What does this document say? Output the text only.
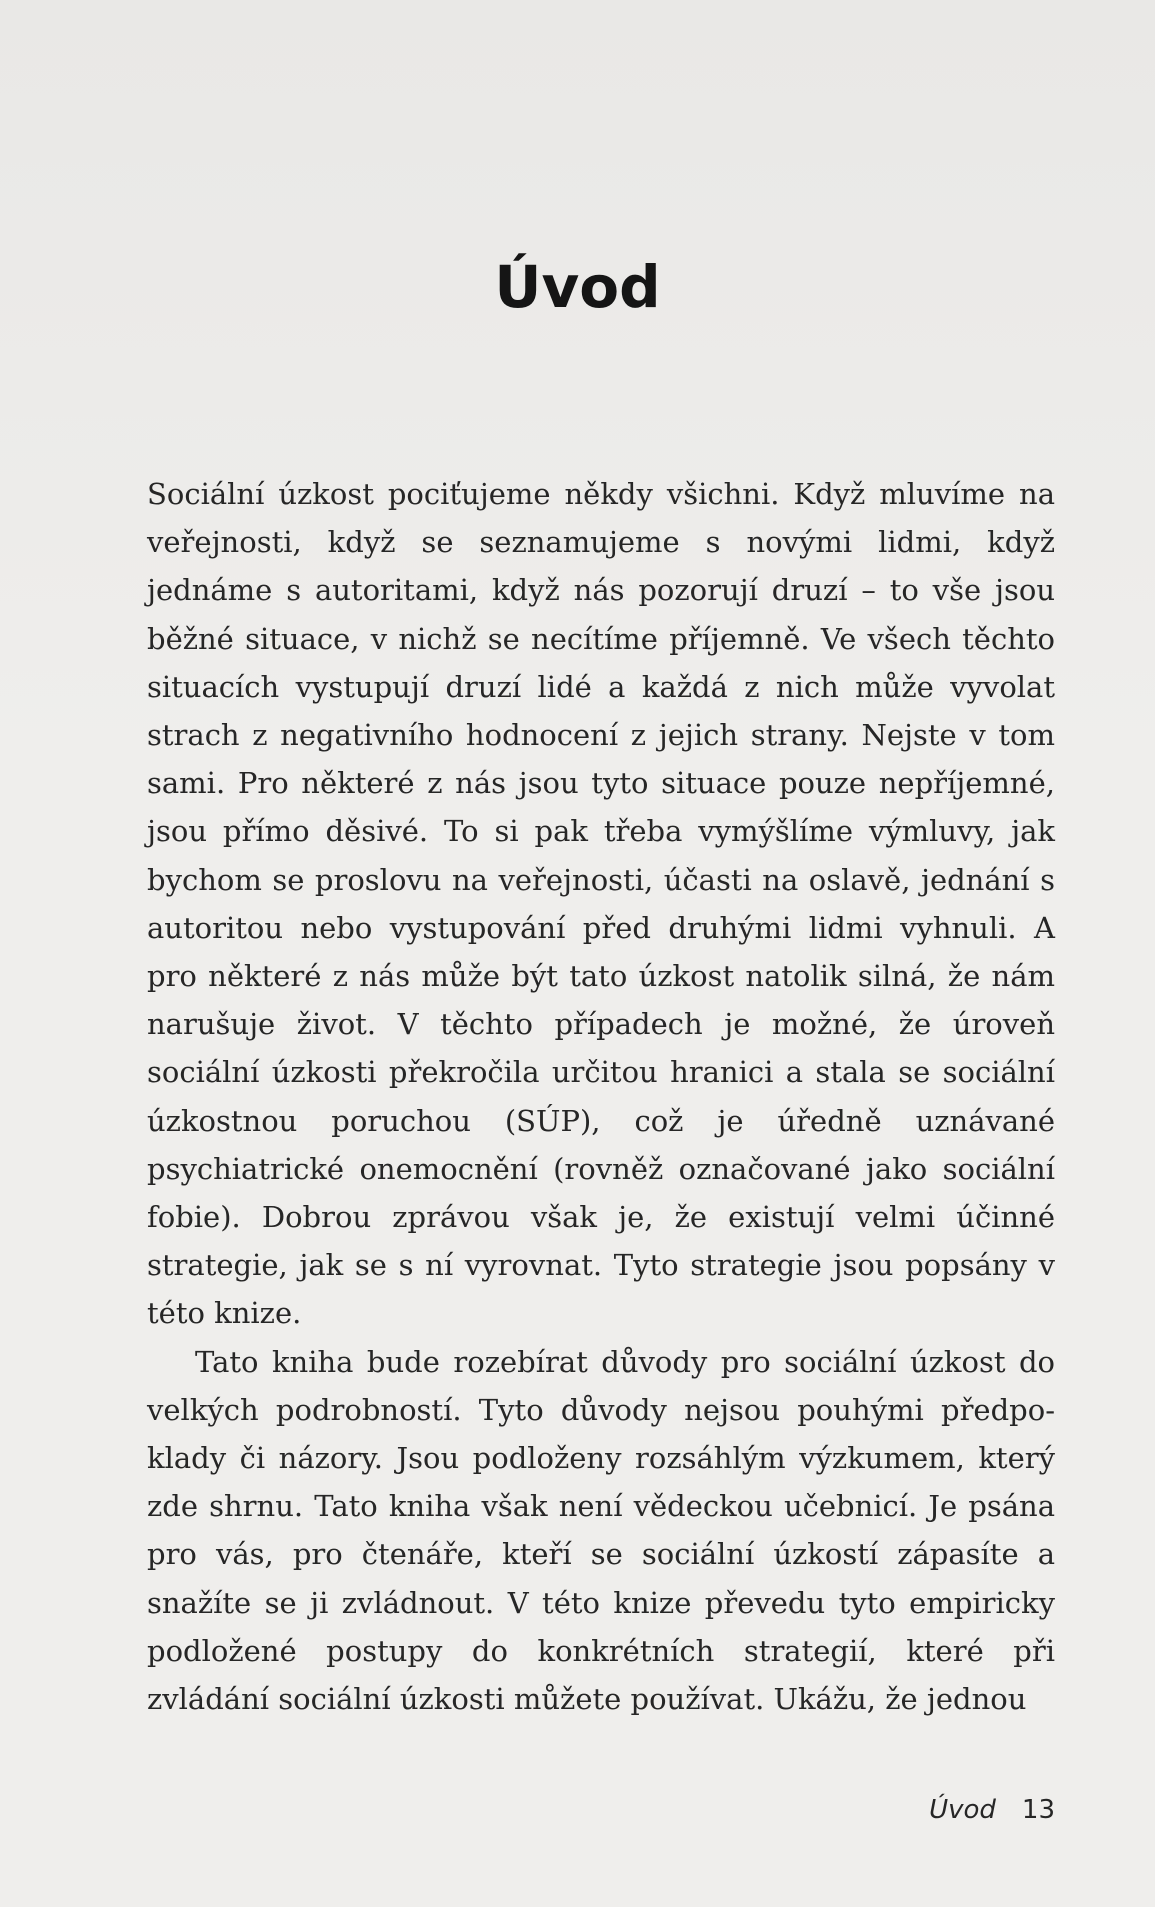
Úvod

Sociální úzkost pociťujeme někdy všichni. Když mluvíme na veřejnosti, když se seznamujeme s novými lidmi, když jednáme s autoritami, když nás pozorují druzí – to vše jsou běžné situace, v nichž se necítíme příjemně. Ve všech těchto situacích vystupují druzí lidé a každá z nich může vyvolat strach z negativního hodnocení z jejich strany. Nejste v tom sami. Pro některé z nás jsou tyto situace pouze nepříjemné, jsou přímo děsivé. To si pak třeba vymýšlíme výmluvy, jak bychom se proslovu na veřejnosti, účasti na oslavě, jednání s autoritou nebo vystupování před druhými lidmi vyhnuli. A pro některé z nás může být tato úzkost natolik silná, že nám narušuje život. V těchto případech je možné, že úroveň sociální úzkosti překročila určitou hranici a stala se sociální úzkostnou poruchou (SÚP), což je úředně uznávané psychiatrické onemocnění (rovněž označované jako sociální fobie). Dobrou zprávou však je, že existují velmi účinné strategie, jak se s ní vyrovnat. Tyto strategie jsou popsány v této knize.

Tato kniha bude rozebírat důvody pro sociální úzkost do velkých podrobností. Tyto důvody nejsou pouhými předpoklady či názory. Jsou podloženy rozsáhlým výzkumem, který zde shrnu. Tato kniha však není vědeckou učebnicí. Je psána pro vás, pro čtenáře, kteří se sociální úzkostí zápasíte a snažíte se ji zvládnout. V této knize převedu tyto empiricky podložené postupy do konkrétních strategií, které při zvládání sociální úzkosti můžete používat. Ukážu, že jednou

Úvod 13
